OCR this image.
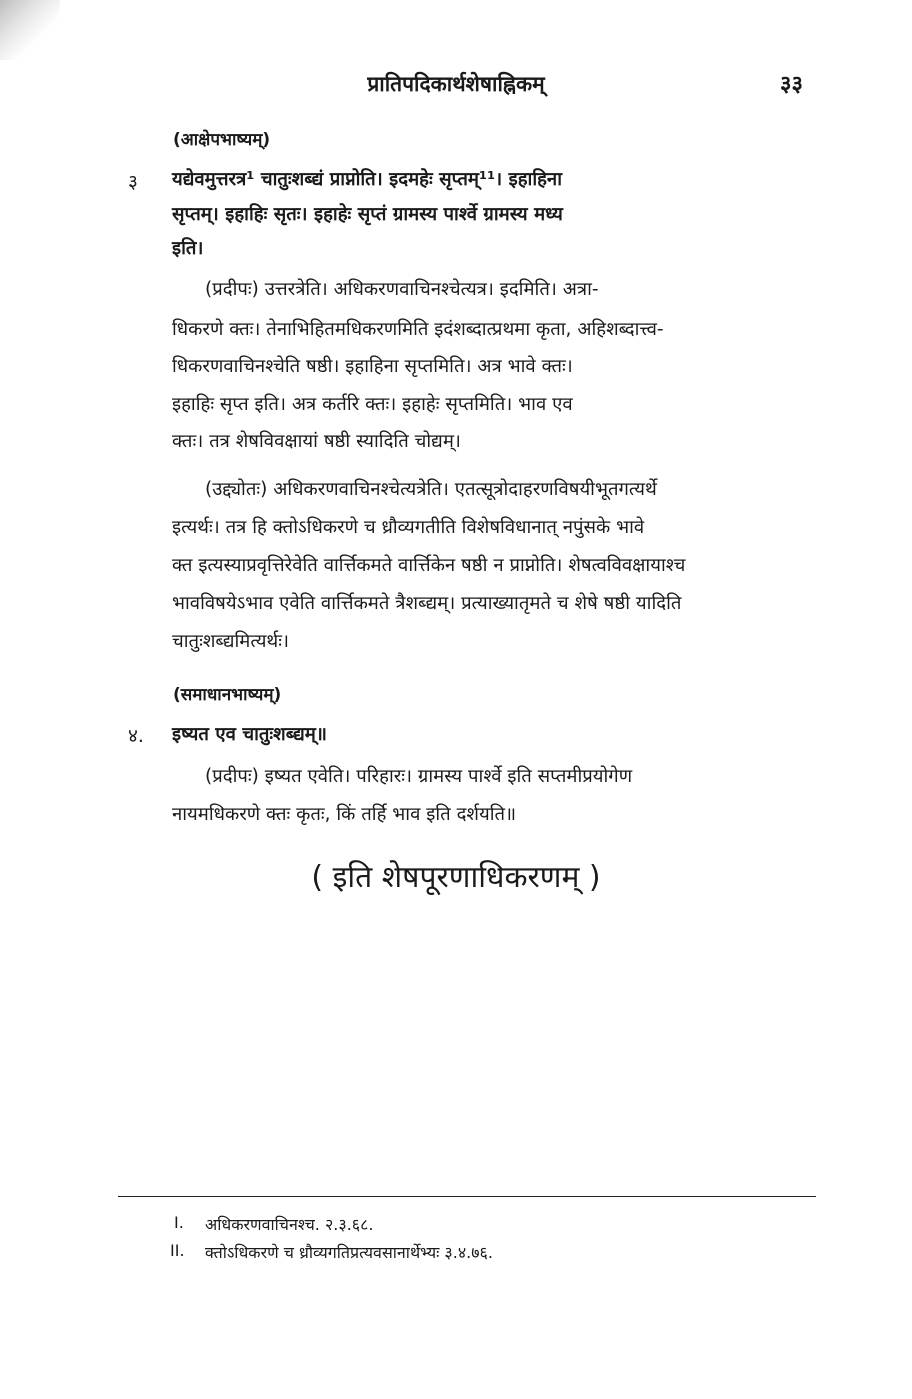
प्रातिपदिकार्थशेषाह्निकम्	३३
(आक्षेपभाष्यम्)
३ यद्येवमुत्तरत्र¹ चातुःशब्द्यं प्राप्नोति। इदमहेः सृप्तम्¹¹। इहाहिना
सृप्तम्। इहाहिः सृतः। इहाहेः सृप्तं ग्रामस्य पार्श्वे ग्रामस्य मध्य
इति।
(प्रदीपः) उत्तरत्रेति। अधिकरणवाचिनश्चेत्यत्र। इदमिति। अत्रा-
धिकरणे क्तः। तेनाभिहितमधिकरणमिति इदंशब्दात्प्रथमा कृता, अहिशब्दात्त्व-
धिकरणवाचिनश्चेति षष्ठी। इहाहिना सृप्तमिति। अत्र भावे क्तः।
इहाहिः सृप्त इति। अत्र कर्तरि क्तः। इहाहेः सृप्तमिति। भाव एव
क्तः। तत्र शेषविवक्षायां षष्ठी स्यादिति चोद्यम्।
(उद्द्योतः) अधिकरणवाचिनश्चेत्यत्रेति। एतत्सूत्रोदाहरणविषयीभूतगत्यर्थे
इत्यर्थः। तत्र हि क्तोऽधिकरणे च ध्रौव्यगतीति विशेषविधानात् नपुंसके भावे
क्त इत्यस्याप्रवृत्तिरेवेति वार्त्तिकमते वार्त्तिकेन षष्ठी न प्राप्नोति। शेषत्वविवक्षायाश्च
भावविषयेऽभाव एवेति वार्त्तिकमते त्रैशब्द्यम्। प्रत्याख्यातृमते च शेषे षष्ठी यादिति
चातुःशब्द्यमित्यर्थः।
(समाधानभाष्यम्)
४. इष्यत एव चातुःशब्द्यम्॥
(प्रदीपः) इष्यत एवेति। परिहारः। ग्रामस्य पार्श्वे इति सप्तमीप्रयोगेण
नायमधिकरणे क्तः कृतः, किं तर्हि भाव इति दर्शयति॥
( इति शेषपूरणाधिकरणम् )
I. अधिकरणवाचिनश्च. २.३.६८.
II. क्तोऽधिकरणे च ध्रौव्यगतिप्रत्यवसानार्थेभ्यः ३.४.७६.
